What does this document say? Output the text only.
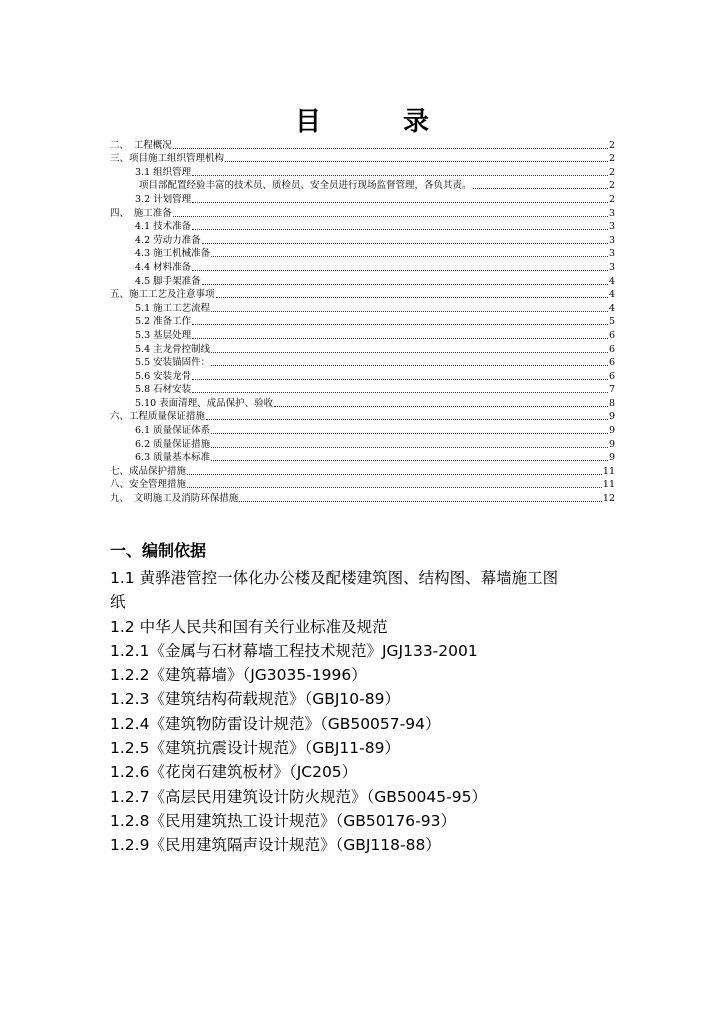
目　录
二、　工程概况	2
三、项目施工组织管理机构	2
3.1 组织管理	2
项目部配置经验丰富的技术员、质检员、安全员进行现场监督管理，各负其责。	2
3.2 计划管理	2
四、　施工准备	3
4.1 技术准备	3
4.2 劳动力准备	3
4.3 施工机械准备	3
4.4 材料准备	3
4.5 脚手架准备	4
五、施工工艺及注意事项	4
5.1 施工工艺流程	4
5.2 准备工作	5
5.3 基层处理	6
5.4 主龙骨控制线	6
5.5 安装锚固件：	6
5.6 安装龙骨	6
5.8 石材安装	7
5.10 表面清理、成品保护、验收	8
六、工程质量保证措施	9
6.1 质量保证体系	9
6.2 质量保证措施	9
6.3 质量基本标准	9
七、成品保护措施	11
八、安全管理措施	11
九、　文明施工及消防环保措施	12
一、编制依据
1.1 黄骅港管控一体化办公楼及配楼建筑图、结构图、幕墙施工图
纸
1.2 中华人民共和国有关行业标准及规范
1.2.1《金属与石材幕墙工程技术规范》JGJ133-2001
1.2.2《建筑幕墙》（JG3035-1996）
1.2.3《建筑结构荷载规范》（GBJ10-89）
1.2.4《建筑物防雷设计规范》（GB50057-94）
1.2.5《建筑抗震设计规范》（GBJ11-89）
1.2.6《花岗石建筑板材》（JC205）
1.2.7《高层民用建筑设计防火规范》（GB50045-95）
1.2.8《民用建筑热工设计规范》（GB50176-93）
1.2.9《民用建筑隔声设计规范》（GBJ118-88）
